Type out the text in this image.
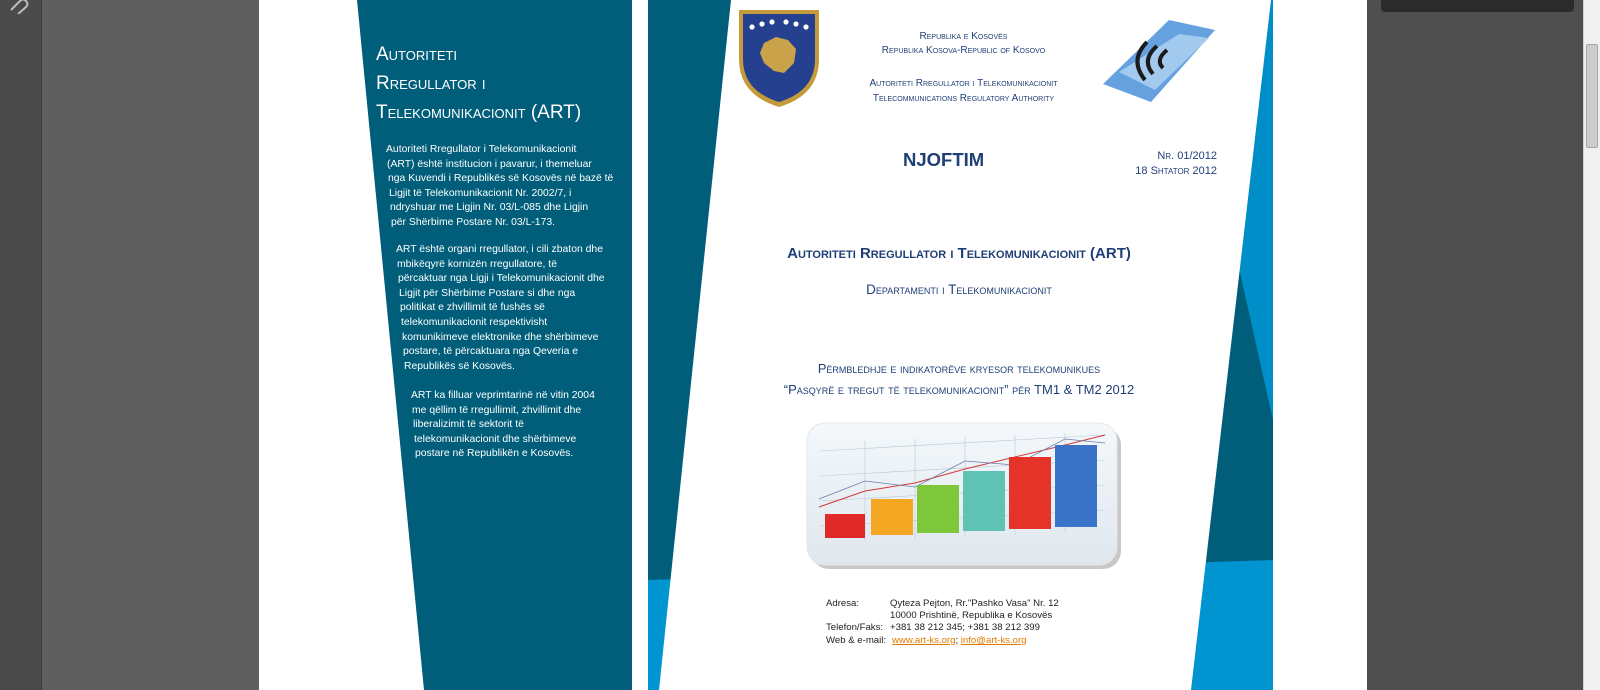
Autoriteti
Rregullator i
Telekomunikacionit (ART)
Autoriteti Rregullator i Telekomunikacionit
(ART) është institucion i pavarur, i themeluar
nga Kuvendi i Republikës së Kosovës në bazë të
Ligjit të Telekomunikacionit Nr. 2002/7, i
ndryshuar me Ligjin Nr. 03/L-085 dhe Ligjin
për Shërbime Postare Nr. 03/L-173.
ART është organi rregullator, i cili zbaton dhe
mbikëqyrë kornizën rregullatore, të
përcaktuar nga Ligji i Telekomunikacionit dhe
Ligjit për Shërbime Postare si dhe nga
politikat e zhvillimit të fushës së
telekomunikacionit respektivisht
komunikimeve elektronike dhe shërbimeve
postare, të përcaktuara nga Qeveria e
Republikës së Kosovës.
ART ka filluar veprimtarinë në vitin 2004
me qëllim të rregullimit, zhvillimit dhe
liberalizimit të sektorit të
telekomunikacionit dhe shërbimeve
postare në Republikën e Kosovës.
Republika e Kosovës
Republika Kosova-Republic of Kosovo
Autoriteti Rregullator i Telekomunikacionit
Telecommunications Regulatory Authority
NJOFTIM	Nr. 01/2012
18 Shtator 2012
Autoriteti Rregullator i Telekomunikacionit (ART)
Departamenti i Telekomunikacionit
Përmbledhje e indikatorëve kryesor telekomunikues
“Pasqyrë e tregut të telekomunikacionit” për TM1 & TM2 2012
Adresa:	Qyteza Pejton, Rr."Pashko Vasa" Nr. 12
10000 Prishtinë, Republika e Kosovës
Telefon/Faks: +381 38 212 345; +381 38 212 399
Web & e-mail: www.art-ks.org; info@art-ks.org
